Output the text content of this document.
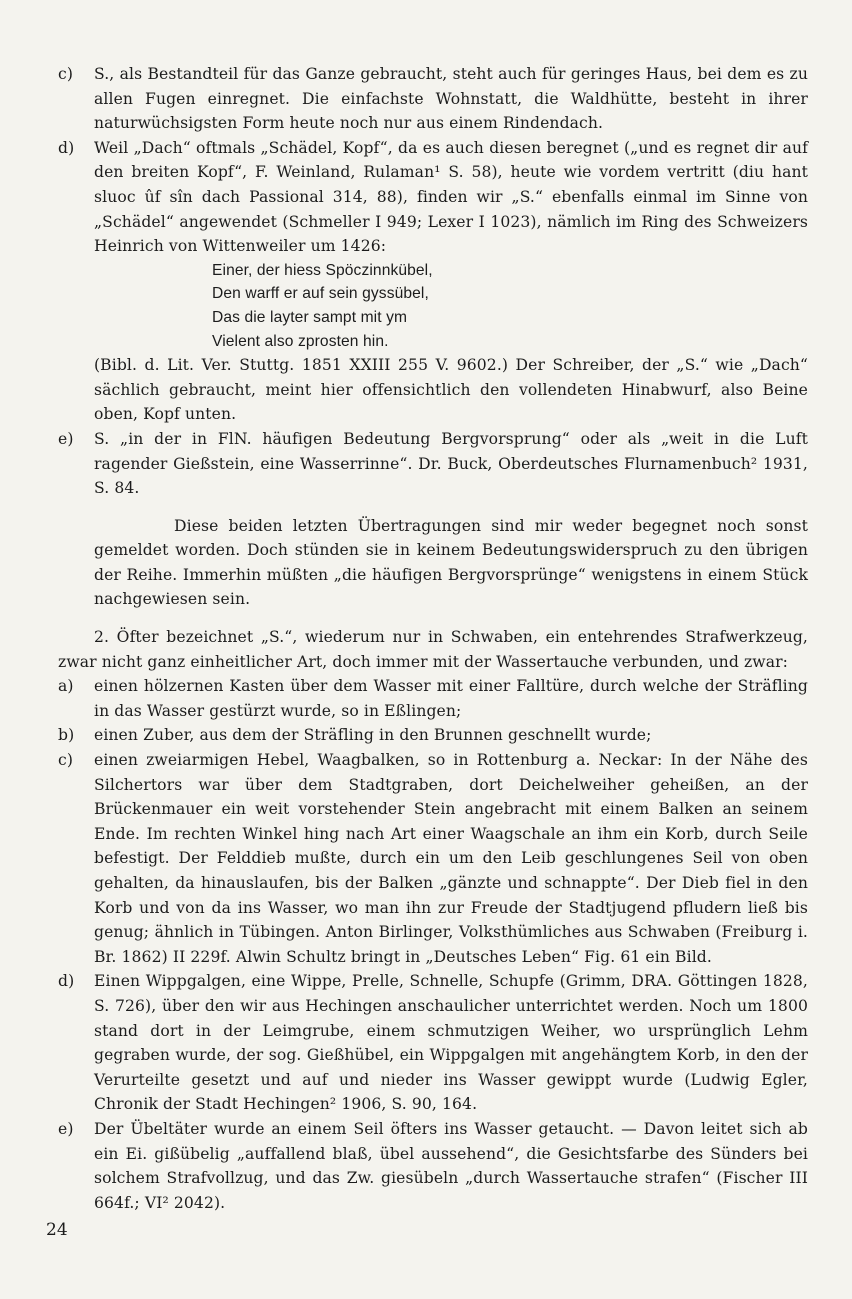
c)	S., als Bestandteil für das Ganze gebraucht, steht auch für geringes Haus, bei dem es zu allen Fugen einregnet. Die einfachste Wohnstatt, die Waldhütte, besteht in ihrer naturwüchsigsten Form heute noch nur aus einem Rindendach.

d)	Weil „Dach“ oftmals „Schädel, Kopf“, da es auch diesen beregnet („und es regnet dir auf den breiten Kopf“, F. Weinland, Rulaman¹ S. 58), heute wie vordem vertritt (diu hant sluoc ûf sîn dach Passional 314, 88), finden wir „S.“ ebenfalls einmal im Sinne von „Schädel“ angewendet (Schmeller I 949; Lexer I 1023), nämlich im Ring des Schweizers Heinrich von Wittenweiler um 1426:

Einer, der hiess Spöczinnkübel,
Den warff er auf sein gyssübel,
Das die layter sampt mit ym
Vielent also zprosten hin.

(Bibl. d. Lit. Ver. Stuttg. 1851 XXIII 255 V. 9602.) Der Schreiber, der „S.“ wie „Dach“ sächlich gebraucht, meint hier offensichtlich den vollendeten Hinabwurf, also Beine oben, Kopf unten.

e)	S. „in der in FlN. häufigen Bedeutung Bergvorsprung“ oder als „weit in die Luft ragender Gießstein, eine Wasserrinne“. Dr. Buck, Oberdeutsches Flurnamenbuch² 1931, S. 84.

Diese beiden letzten Übertragungen sind mir weder begegnet noch sonst gemeldet worden. Doch stünden sie in keinem Bedeutungswiderspruch zu den übrigen der Reihe. Immerhin müßten „die häufigen Bergvorsprünge“ wenigstens in einem Stück nachgewiesen sein.

2. Öfter bezeichnet „S.“, wiederum nur in Schwaben, ein entehrendes Strafwerkzeug, zwar nicht ganz einheitlicher Art, doch immer mit der Wassertauche verbunden, und zwar:

a)	einen hölzernen Kasten über dem Wasser mit einer Falltüre, durch welche der Sträfling in das Wasser gestürzt wurde, so in Eßlingen;

b)	einen Zuber, aus dem der Sträfling in den Brunnen geschnellt wurde;

c)	einen zweiarmigen Hebel, Waagbalken, so in Rottenburg a. Neckar: In der Nähe des Silchertors war über dem Stadtgraben, dort Deichelweiher geheißen, an der Brückenmauer ein weit vorstehender Stein angebracht mit einem Balken an seinem Ende. Im rechten Winkel hing nach Art einer Waagschale an ihm ein Korb, durch Seile befestigt. Der Felddieb mußte, durch ein um den Leib geschlungenes Seil von oben gehalten, da hinauslaufen, bis der Balken „gänzte und schnappte“. Der Dieb fiel in den Korb und von da ins Wasser, wo man ihn zur Freude der Stadtjugend pfludern ließ bis genug; ähnlich in Tübingen. Anton Birlinger, Volksthümliches aus Schwaben (Freiburg i. Br. 1862) II 229f. Alwin Schultz bringt in „Deutsches Leben“ Fig. 61 ein Bild.

d)	Einen Wippgalgen, eine Wippe, Prelle, Schnelle, Schupfe (Grimm, DRA. Göttingen 1828, S. 726), über den wir aus Hechingen anschaulicher unterrichtet werden. Noch um 1800 stand dort in der Leimgrube, einem schmutzigen Weiher, wo ursprünglich Lehm gegraben wurde, der sog. Gießhübel, ein Wippgalgen mit angehängtem Korb, in den der Verurteilte gesetzt und auf und nieder ins Wasser gewippt wurde (Ludwig Egler, Chronik der Stadt Hechingen² 1906, S. 90, 164.

e)	Der Übeltäter wurde an einem Seil öfters ins Wasser getaucht. — Davon leitet sich ab ein Ei. gißübelig „auffallend blaß, übel aussehend“, die Gesichtsfarbe des Sünders bei solchem Strafvollzug, und das Zw. giesübeln „durch Wassertauche strafen“ (Fischer III 664f.; VI² 2042).

24
